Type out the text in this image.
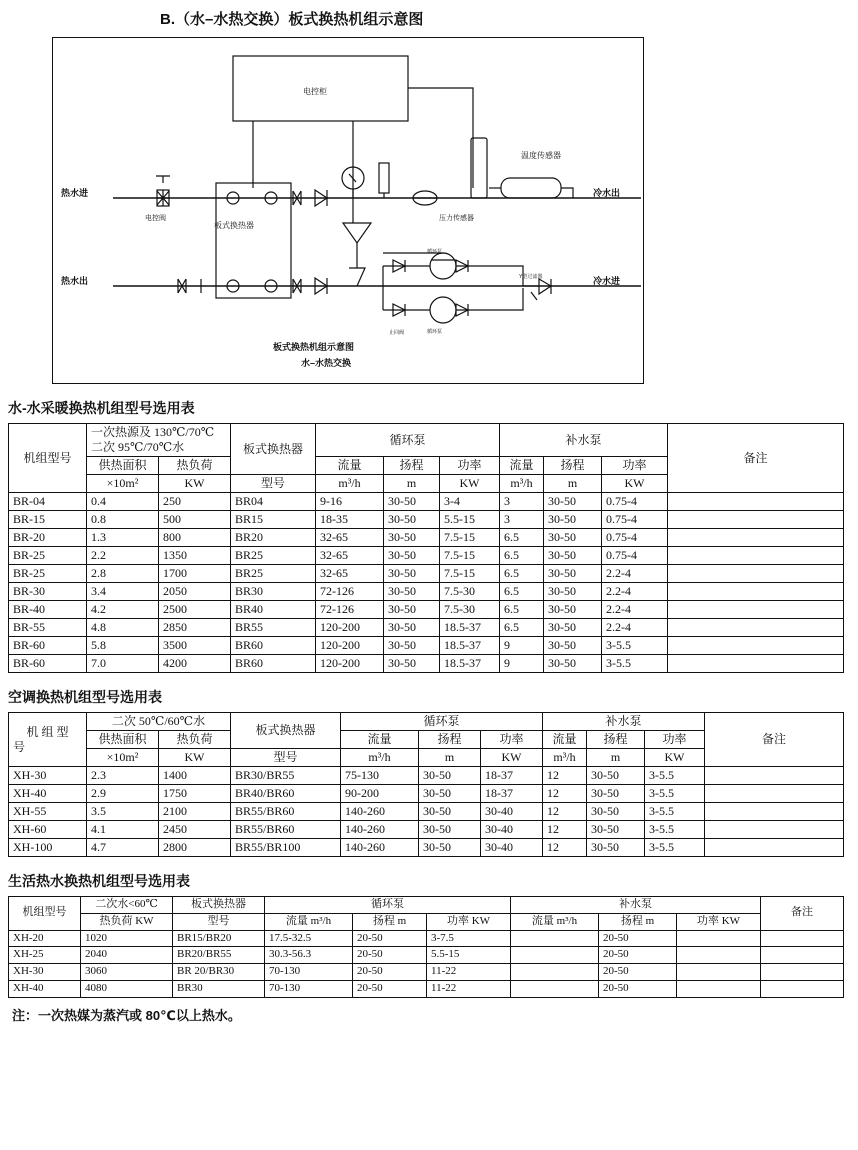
B.（水–水热交换）板式换热机组示意图
电控柜
温度传感器
热水进
热水出
冷水出
冷水进
电控阀
板式换热器
压力传感器
循环泵
循环泵
止回阀
Y型过滤器
板式换热机组示意图
水–水热交换
水-水采暖换热机组型号选用表
机组型号	一次热源及 130℃/70℃
二次 95℃/70℃水		板式换热器	循环泵			补水泵			备注
	供热面积	热负荷		流量	扬程	功率	流量	扬程	功率	
	×10m²	KW	型号	m³/h	m	KW	m³/h	m	KW	
BR-04	0.4	250	BR04	9-16	30-50	3-4	3	30-50	0.75-4	
BR-15	0.8	500	BR15	18-35	30-50	5.5-15	3	30-50	0.75-4	
BR-20	1.3	800	BR20	32-65	30-50	7.5-15	6.5	30-50	0.75-4	
BR-25	2.2	1350	BR25	32-65	30-50	7.5-15	6.5	30-50	0.75-4	
BR-25	2.8	1700	BR25	32-65	30-50	7.5-15	6.5	30-50	2.2-4	
BR-30	3.4	2050	BR30	72-126	30-50	7.5-30	6.5	30-50	2.2-4	
BR-40	4.2	2500	BR40	72-126	30-50	7.5-30	6.5	30-50	2.2-4	
BR-55	4.8	2850	BR55	120-200	30-50	18.5-37	6.5	30-50	2.2-4	
BR-60	5.8	3500	BR60	120-200	30-50	18.5-37	9	30-50	3-5.5	
BR-60	7.0	4200	BR60	120-200	30-50	18.5-37	9	30-50	3-5.5	
空调换热机组型号选用表
机 组 型
号	二次 50℃/60℃水		板式换热器	循环泵			补水泵			备注
	供热面积	热负荷		流量	扬程	功率	流量	扬程	功率	
	×10m²	KW	型号	m³/h	m	KW	m³/h	m	KW	
XH-30	2.3	1400	BR30/BR55	75-130	30-50	18-37	12	30-50	3-5.5	
XH-40	2.9	1750	BR40/BR60	90-200	30-50	18-37	12	30-50	3-5.5	
XH-55	3.5	2100	BR55/BR60	140-260	30-50	30-40	12	30-50	3-5.5	
XH-60	4.1	2450	BR55/BR60	140-260	30-50	30-40	12	30-50	3-5.5	
XH-100	4.7	2800	BR55/BR100	140-260	30-50	30-40	12	30-50	3-5.5	
生活热水换热机组型号选用表
机组型号	二次水<60℃	板式换热器	循环泵			补水泵			备注
	热负荷 KW	型号	流量 m³/h	扬程 m	功率 KW	流量 m³/h	扬程 m	功率 KW	
XH-20	1020	BR15/BR20	17.5-32.5	20-50	3-7.5		20-50		
XH-25	2040	BR20/BR55	30.3-56.3	20-50	5.5-15		20-50		
XH-30	3060	BR 20/BR30	70-130	20-50	11-22		20-50		
XH-40	4080	BR30	70-130	20-50	11-22		20-50		
注：一次热媒为蒸汽或 80℃以上热水。
